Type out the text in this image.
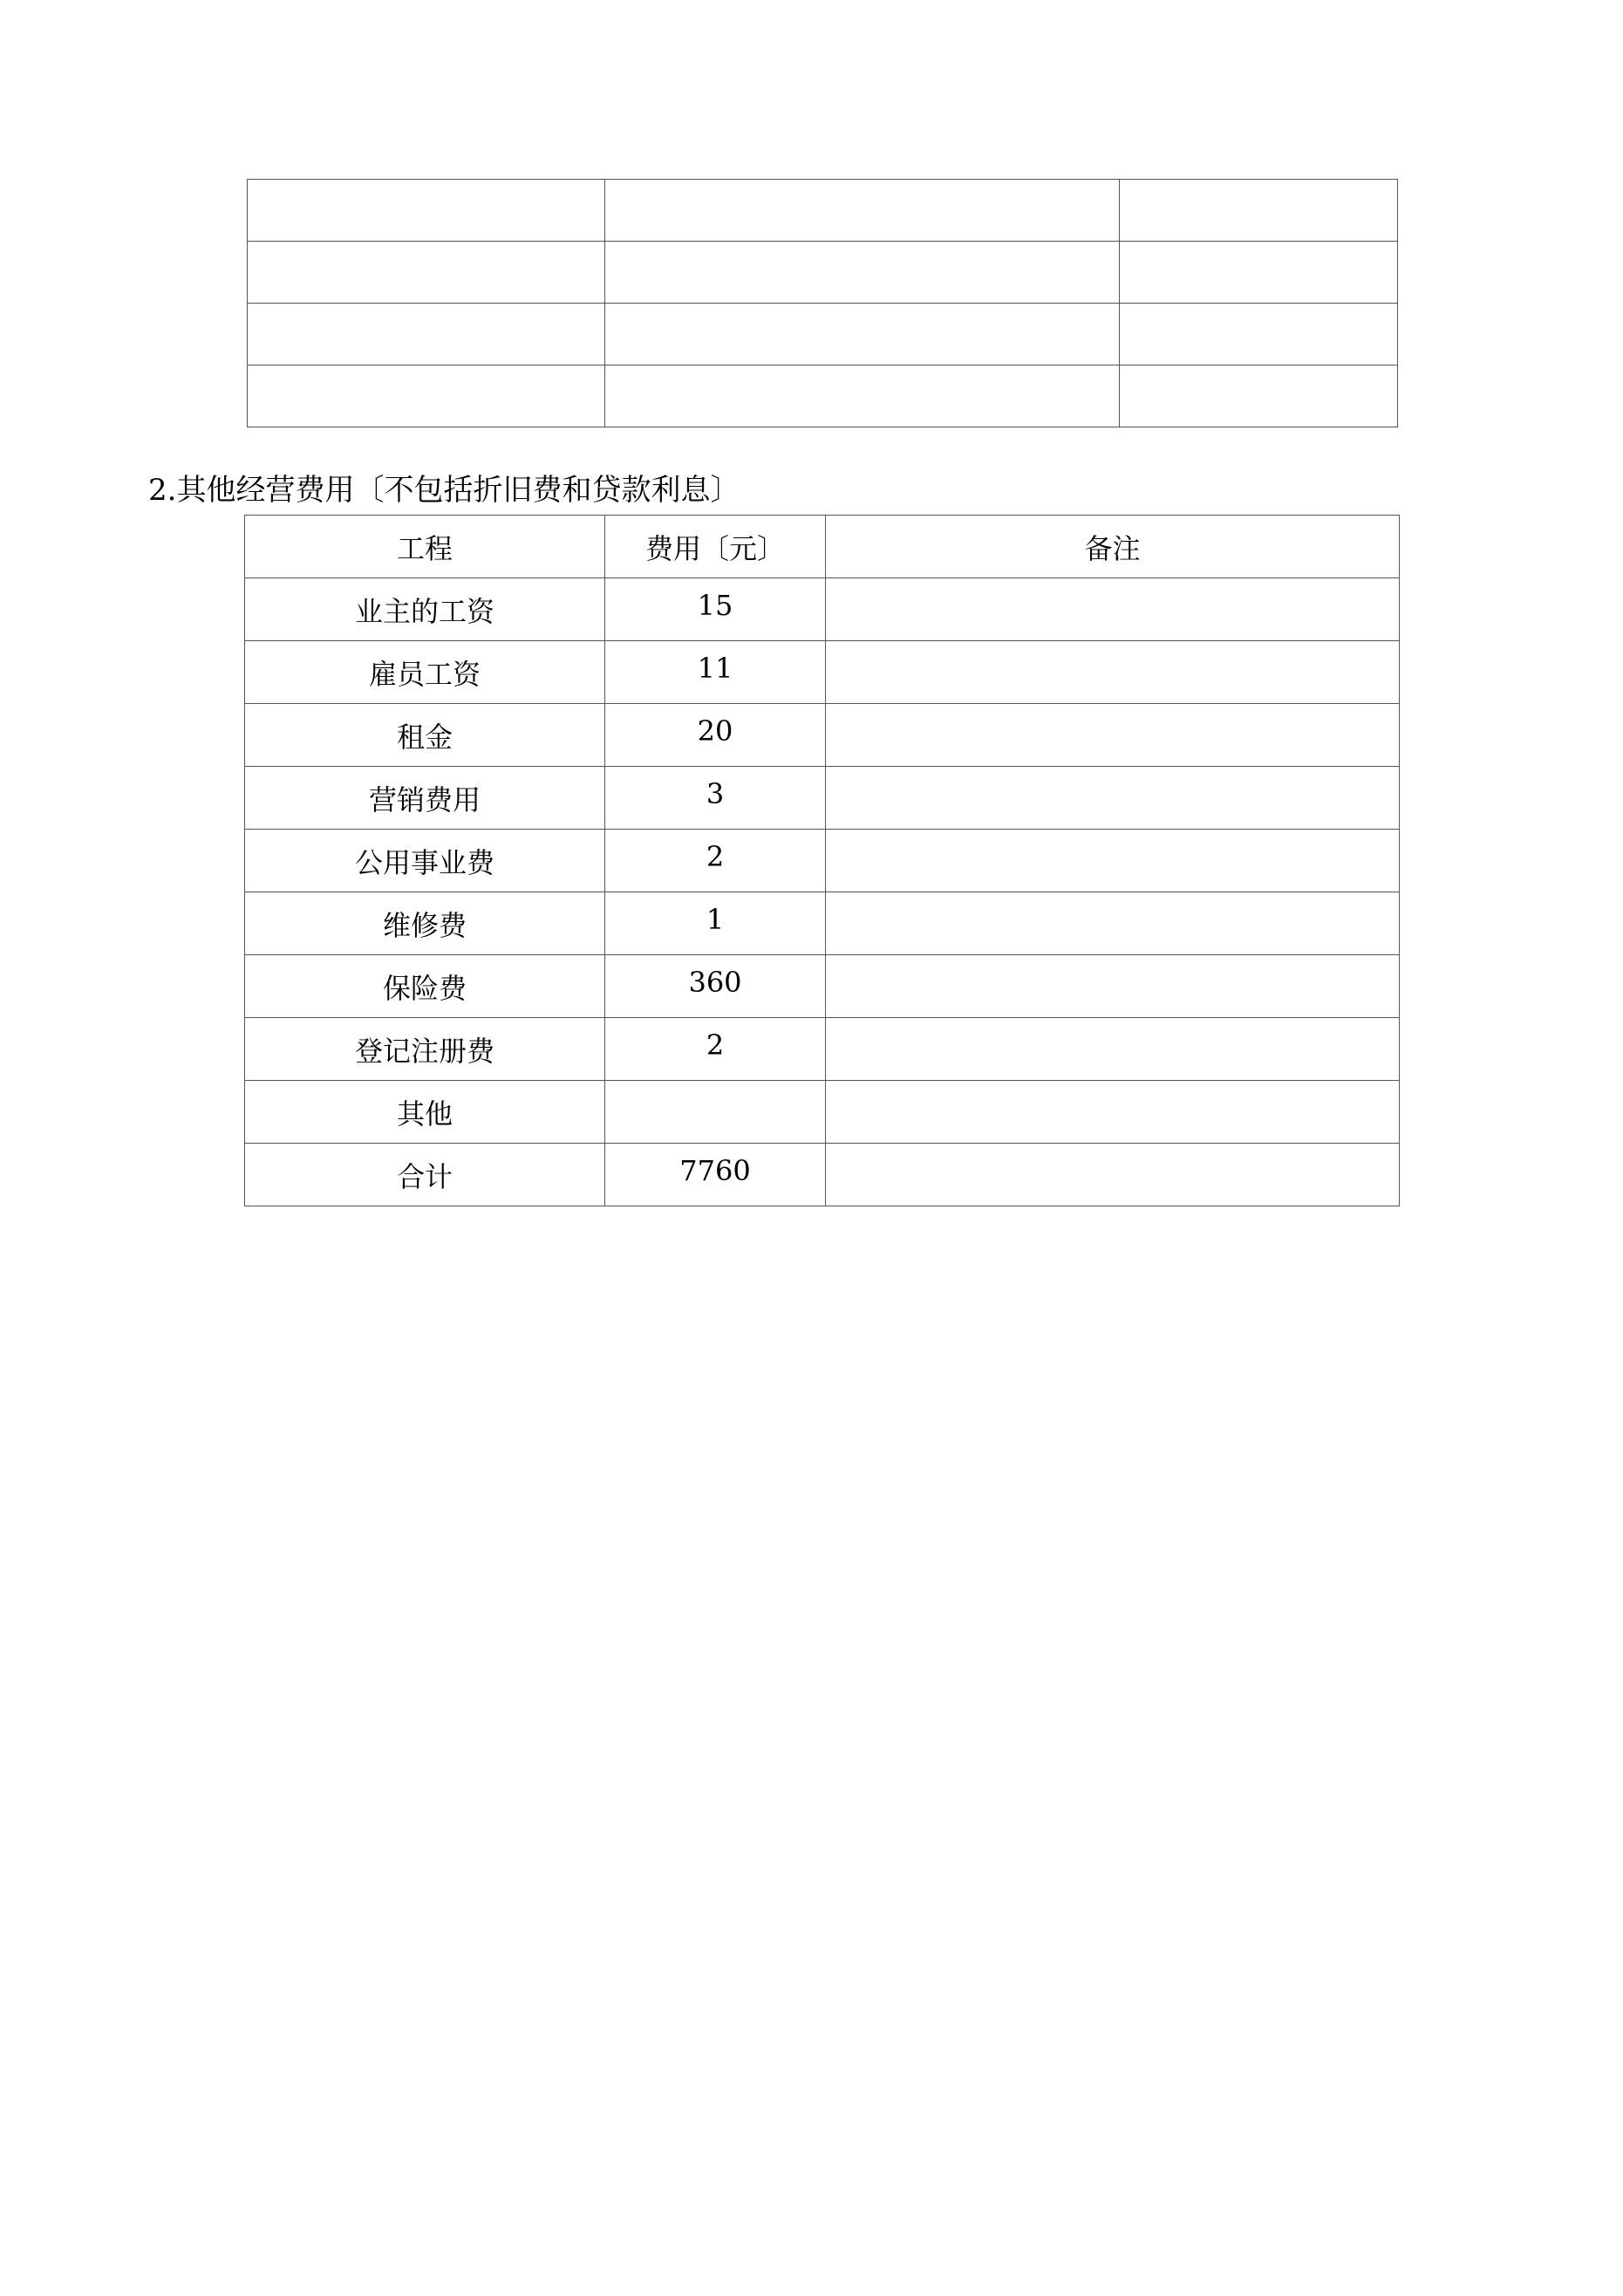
2.其他经营费用〔不包括折旧费和贷款利息〕

工程	费用〔元〕	备注
业主的工资	15	
雇员工资	11	
租金	20	
营销费用	3	
公用事业费	2	
维修费	1	
保险费	360	
登记注册费	2	
其他		
合计	7760	
